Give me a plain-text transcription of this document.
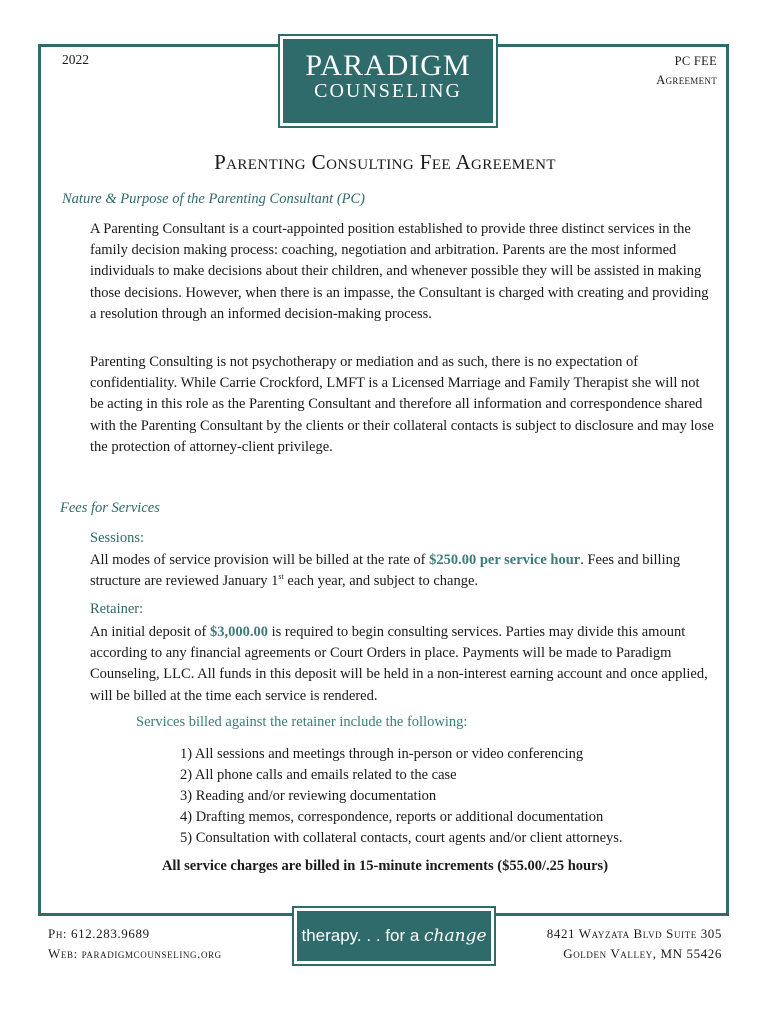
2022	PC FEE
Agreement
PARADIGM
COUNSELING
Parenting Consulting Fee Agreement
Nature & Purpose of the Parenting Consultant (PC)
A Parenting Consultant is a court-appointed position established to provide three distinct services in the family decision making process: coaching, negotiation and arbitration. Parents are the most informed individuals to make decisions about their children, and whenever possible they will be assisted in making those decisions. However, when there is an impasse, the Consultant is charged with creating and providing a resolution through an informed decision-making process.
Parenting Consulting is not psychotherapy or mediation and as such, there is no expectation of confidentiality. While Carrie Crockford, LMFT is a Licensed Marriage and Family Therapist she will not be acting in this role as the Parenting Consultant and therefore all information and correspondence shared with the Parenting Consultant by the clients or their collateral contacts is subject to disclosure and may lose the protection of attorney-client privilege.
Fees for Services
Sessions:
All modes of service provision will be billed at the rate of $250.00 per service hour. Fees and billing structure are reviewed January 1st each year, and subject to change.
Retainer:
An initial deposit of $3,000.00 is required to begin consulting services. Parties may divide this amount according to any financial agreements or Court Orders in place. Payments will be made to Paradigm Counseling, LLC. All funds in this deposit will be held in a non-interest earning account and once applied, will be billed at the time each service is rendered.
Services billed against the retainer include the following:
1) All sessions and meetings through in-person or video conferencing
2) All phone calls and emails related to the case
3) Reading and/or reviewing documentation
4) Drafting memos, correspondence, reports or additional documentation
5) Consultation with collateral contacts, court agents and/or client attorneys.
All service charges are billed in 15-minute increments ($55.00/.25 hours)
Ph: 612.283.9689
Web: paradigmcounseling.org
therapy. . . for a change	8421 Wayzata Blvd Suite 305
Golden Valley, MN 55426
